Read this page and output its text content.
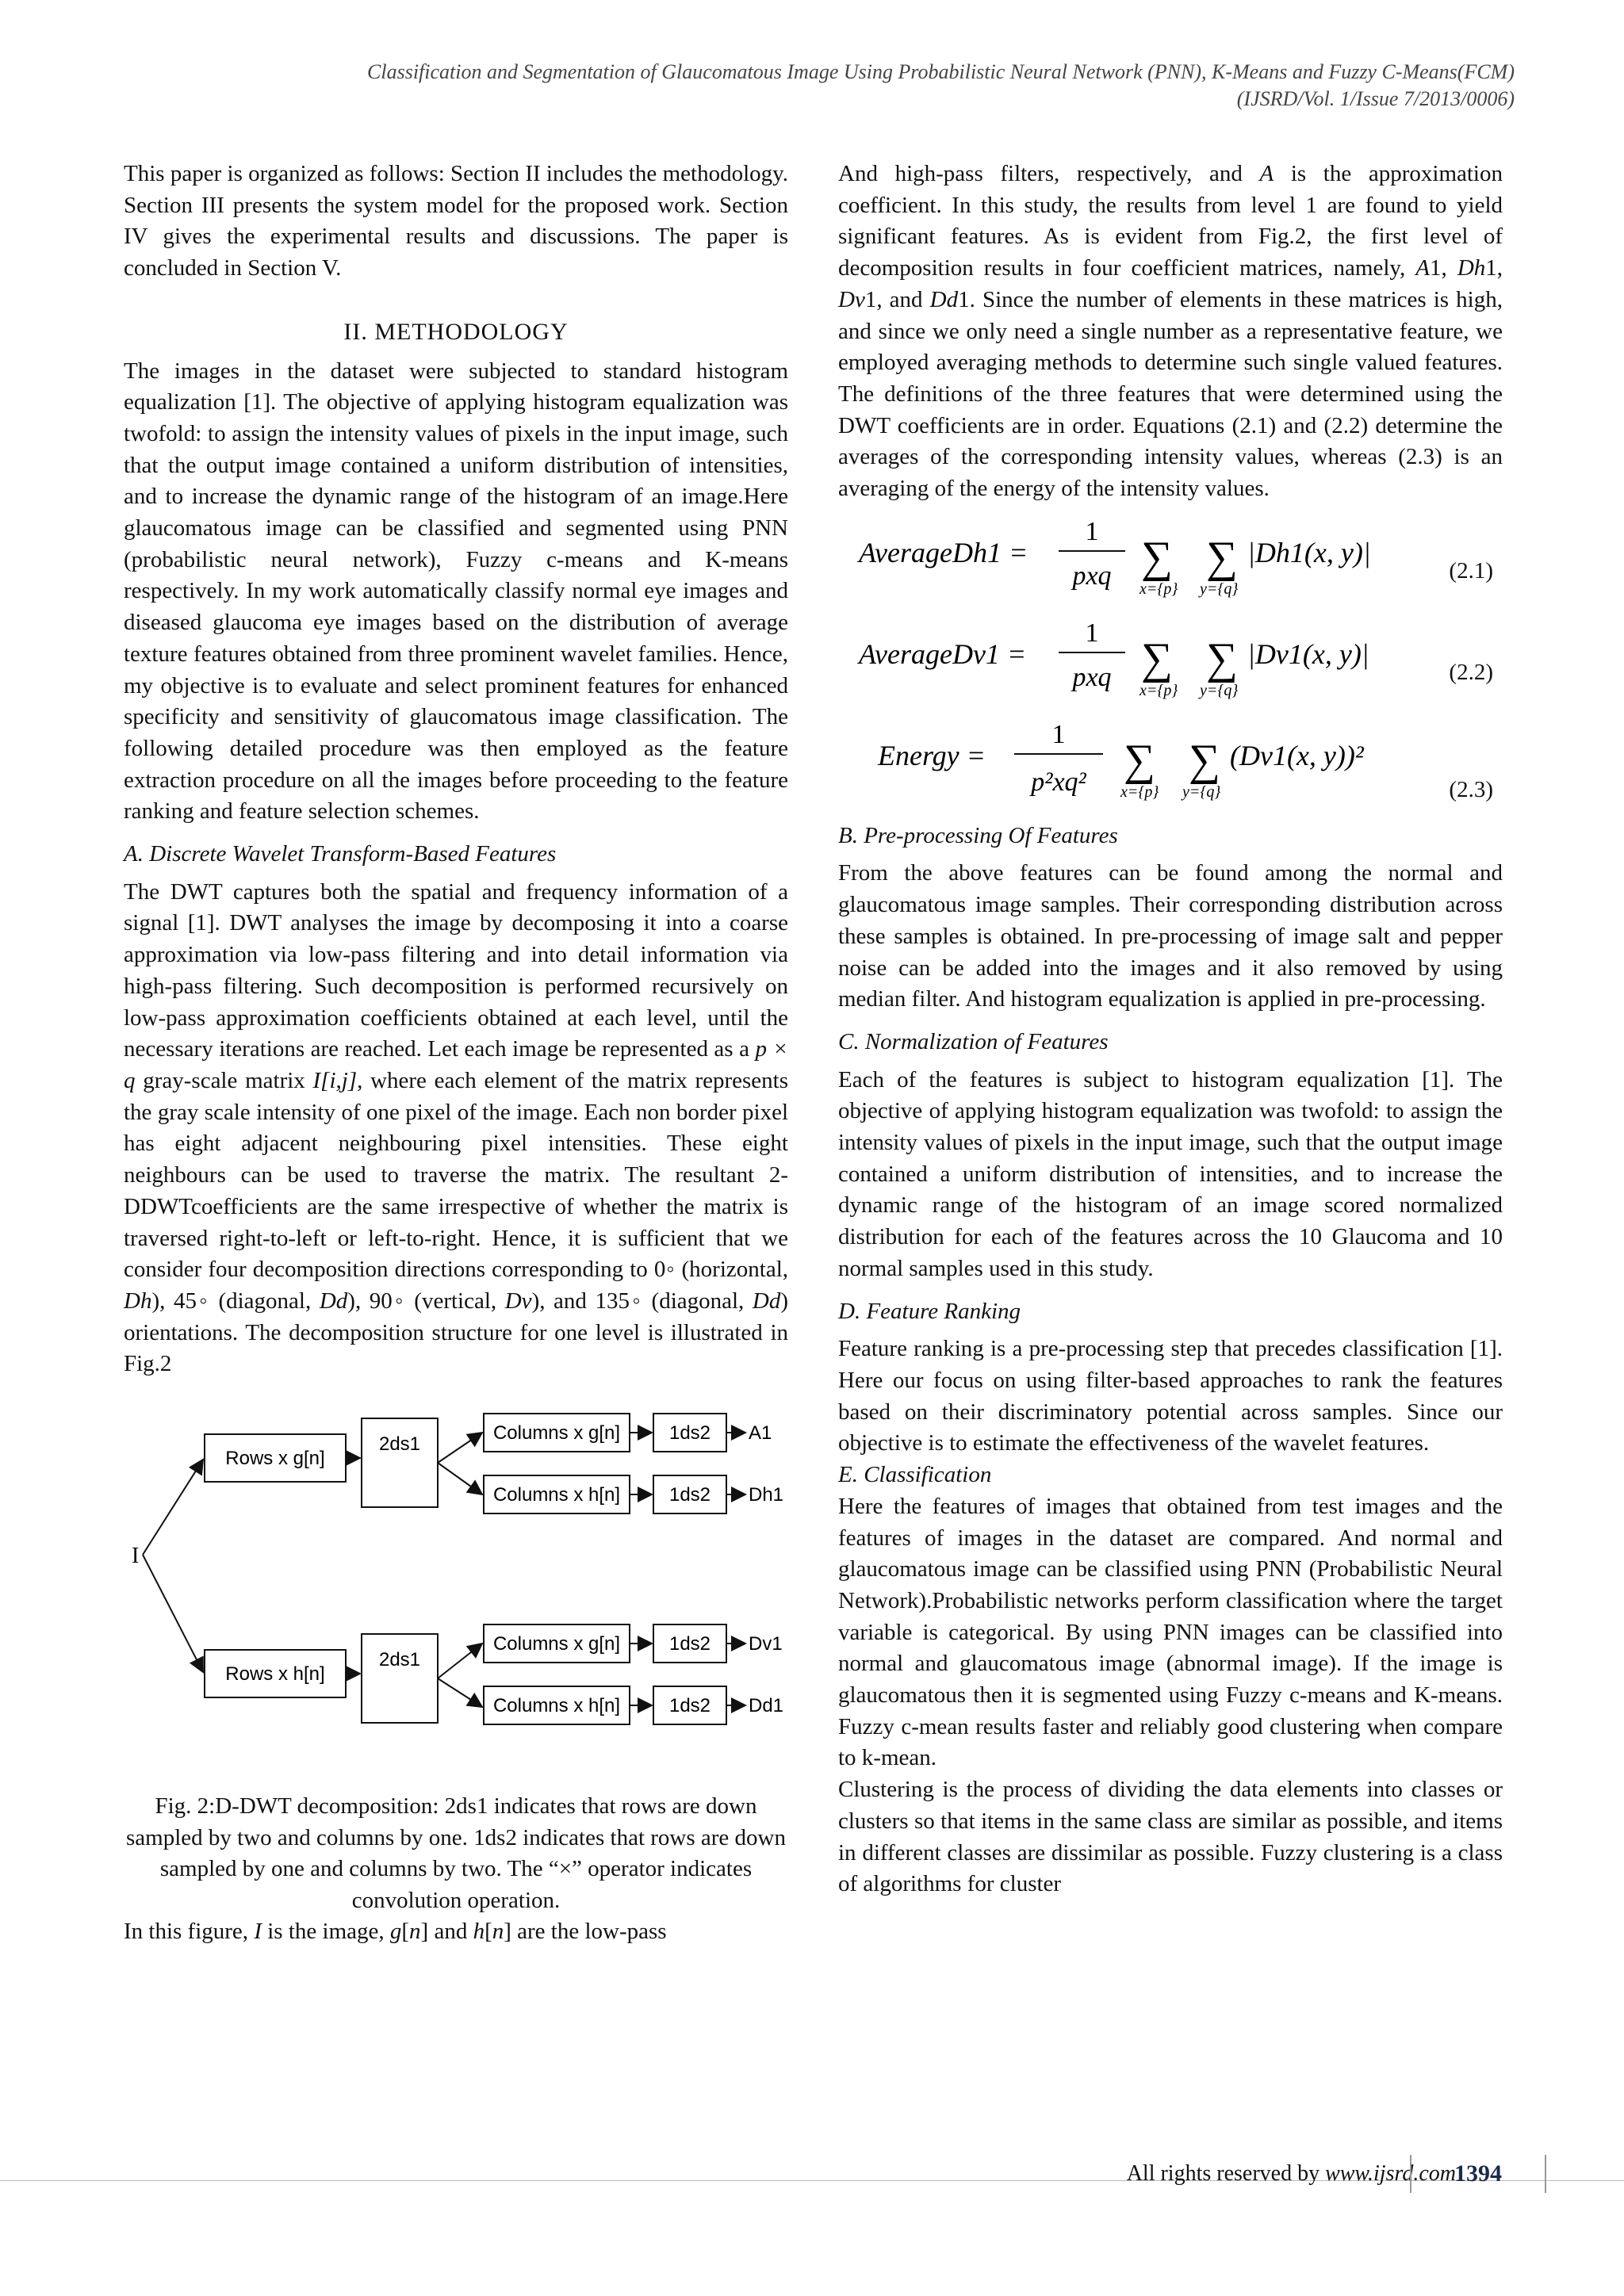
Classification and Segmentation of Glaucomatous Image Using Probabilistic Neural Network (PNN), K-Means and Fuzzy C-Means(FCM)
(IJSRD/Vol. 1/Issue 7/2013/0006)

This paper is organized as follows: Section II includes the methodology. Section III presents the system model for the proposed work. Section IV gives the experimental results and discussions. The paper is concluded in Section V.

II. METHODOLOGY

The images in the dataset were subjected to standard histogram equalization [1]. The objective of applying histogram equalization was twofold: to assign the intensity values of pixels in the input image, such that the output image contained a uniform distribution of intensities, and to increase the dynamic range of the histogram of an image.Here glaucomatous image can be classified and segmented using PNN (probabilistic neural network), Fuzzy c-means and K-means respectively. In my work automatically classify normal eye images and diseased glaucoma eye images based on the distribution of average texture features obtained from three prominent wavelet families. Hence, my objective is to evaluate and select prominent features for enhanced specificity and sensitivity of glaucomatous image classification. The following detailed procedure was then employed as the feature extraction procedure on all the images before proceeding to the feature ranking and feature selection schemes.

A. Discrete Wavelet Transform-Based Features

The DWT captures both the spatial and frequency information of a signal [1]. DWT analyses the image by decomposing it into a coarse approximation via low-pass filtering and into detail information via high-pass filtering. Such decomposition is performed recursively on low-pass approximation coefficients obtained at each level, until the necessary iterations are reached. Let each image be represented as a p × q gray-scale matrix I[i,j], where each element of the matrix represents the gray scale intensity of one pixel of the image. Each non border pixel has eight adjacent neighbouring pixel intensities. These eight neighbours can be used to traverse the matrix. The resultant 2-DDWTcoefficients are the same irrespective of whether the matrix is traversed right-to-left or left-to-right. Hence, it is sufficient that we consider four decomposition directions corresponding to 0◦ (horizontal, Dh), 45◦ (diagonal, Dd), 90◦ (vertical, Dv), and 135◦ (diagonal, Dd) orientations. The decomposition structure for one level is illustrated in Fig.2

I
Rows x g[n]
Rows x h[n]
2ds1
2ds1
Columns x g[n]
Columns x h[n]
Columns x g[n]
Columns x h[n]
1ds2
1ds2
1ds2
1ds2
A1
Dh1
Dv1
Dd1
Fig. 2:D-DWT decomposition: 2ds1 indicates that rows are down sampled by two and columns by one. 1ds2 indicates that rows are down sampled by one and columns by two. The “×” operator indicates convolution operation.

In this figure, I is the image, g[n] and h[n] are the low-pass

And high-pass filters, respectively, and A is the approximation coefficient. In this study, the results from level 1 are found to yield significant features. As is evident from Fig.2, the first level of decomposition results in four coefficient matrices, namely, A1, Dh1, Dv1, and Dd1. Since the number of elements in these matrices is high, and since we only need a single number as a representative feature, we employed averaging methods to determine such single valued features. The definitions of the three features that were determined using the DWT coefficients are in order. Equations (2.1) and (2.2) determine the averages of the corresponding intensity values, whereas (2.3) is an averaging of the energy of the intensity values.

AverageDh1 =
1
pxq ∑ ∑
x={p} y={q}
|Dh1(x, y)|
(2.1)
AverageDv1 =
1
pxq ∑ ∑
x={p} y={q}
|Dv1(x, y)|
(2.2)
Energy =
1
p²xq² ∑ ∑
x={p} y={q}
(Dv1(x, y))²
(2.3)
B. Pre-processing Of Features

From the above features can be found among the normal and glaucomatous image samples. Their corresponding distribution across these samples is obtained. In pre-processing of image salt and pepper noise can be added into the images and it also removed by using median filter. And histogram equalization is applied in pre-processing.

C. Normalization of Features

Each of the features is subject to histogram equalization [1]. The objective of applying histogram equalization was twofold: to assign the intensity values of pixels in the input image, such that the output image contained a uniform distribution of intensities, and to increase the dynamic range of the histogram of an image scored normalized distribution for each of the features across the 10 Glaucoma and 10 normal samples used in this study.

D. Feature Ranking

Feature ranking is a pre-processing step that precedes classification [1]. Here our focus on using filter-based approaches to rank the features based on their discriminatory potential across samples. Since our objective is to estimate the effectiveness of the wavelet features.

E. Classification

Here the features of images that obtained from test images and the features of images in the dataset are compared. And normal and glaucomatous image can be classified using PNN (Probabilistic Neural Network).Probabilistic networks perform classification where the target variable is categorical. By using PNN images can be classified into normal and glaucomatous image (abnormal image). If the image is glaucomatous then it is segmented using Fuzzy c-means and K-means. Fuzzy c-mean results faster and reliably good clustering when compare to k-mean.

Clustering is the process of dividing the data elements into classes or clusters so that items in the same class are similar as possible, and items in different classes are dissimilar as possible. Fuzzy clustering is a class of algorithms for cluster

All rights reserved by www.ijsrd.com
1394
